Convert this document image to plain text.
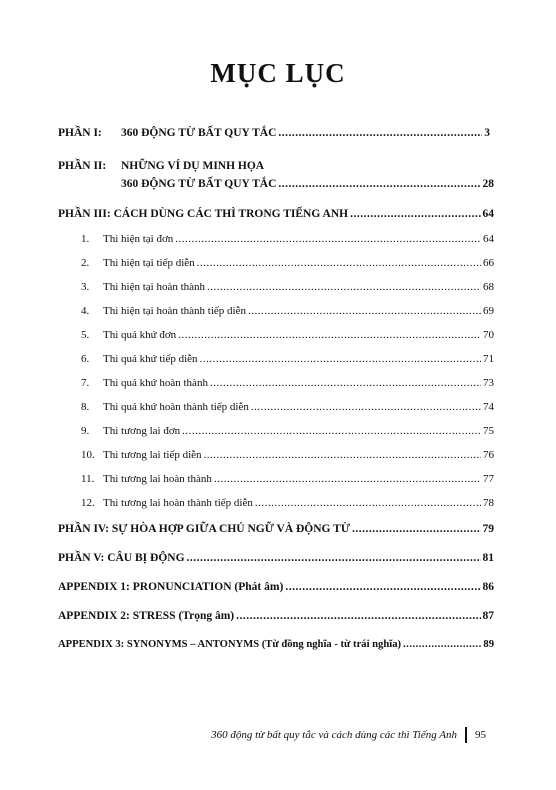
MỤC LỤC
PHẦN I: 360 ĐỘNG TỪ BẤT QUY TẮC .....	3
PHẦN II: NHỮNG VÍ DỤ MINH HỌA
360 ĐỘNG TỪ BẤT QUY TẮC .....	28
PHẦN III: CÁCH DÙNG CÁC THÌ TRONG TIẾNG ANH .....	64
1. Thì hiện tại đơn .....	64
2. Thì hiện tại tiếp diễn .....	66
3. Thì hiện tại hoàn thành .....	68
4. Thì hiện tại hoàn thành tiếp diễn .....	69
5. Thì quá khứ đơn .....	70
6. Thì quá khứ tiếp diễn .....	71
7. Thì quá khứ hoàn thành .....	73
8. Thì quá khứ hoàn thành tiếp diễn .....	74
9. Thì tương lai đơn .....	75
10. Thì tương lai tiếp diễn .....	76
11. Thì tương lai hoàn thành .....	77
12. Thì tương lai hoàn thành tiếp diễn .....	78
PHẦN IV: SỰ HÒA HỢP GIỮA CHỦ NGỮ VÀ ĐỘNG TỪ .....	79
PHẦN V: CÂU BỊ ĐỘNG .....	81
APPENDIX 1: PRONUNCIATION (Phát âm) .....	86
APPENDIX 2: STRESS (Trọng âm) .....	87
APPENDIX 3: SYNONYMS – ANTONYMS (Từ đồng nghĩa - từ trái nghĩa) .....	89
360 động từ bất quy tắc và cách dùng các thì Tiếng Anh 95
